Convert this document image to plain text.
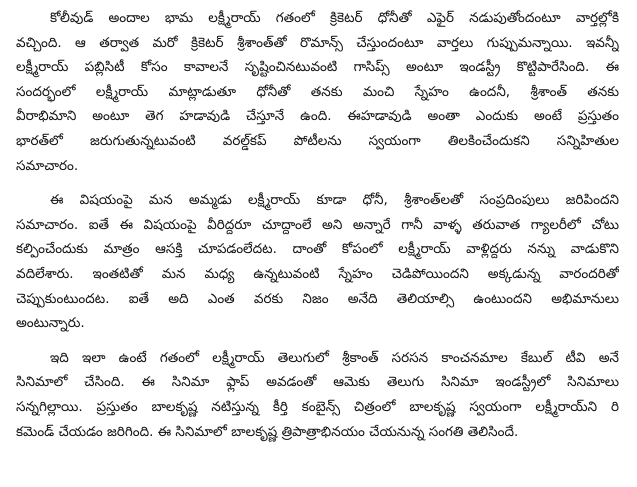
కోలీవుడ్ అందాల భామ లక్ష్మీరాయ్ గతంలో క్రికెటర్ ధోనీతో ఎఫైర్ నడుపుతోందంటూ వార్తల్లోకి
వచ్చింది. ఆ తర్వాత మరో క్రికెటర్ శ్రీశాంత్‌తో రొమాన్స్ చేస్తుందంటూ వార్తలు గుప్పుమన్నాయి. ఇవన్నీ
లక్ష్మీరాయ్ పబ్లిసిటీ కోసం కావాలనే సృష్టించినటువంటి గాసిప్స్ అంటూ ఇండస్ట్రీ కొట్టిపారేసింది. ఈ
సందర్భంలో లక్ష్మీరాయ్ మాట్లాడుతూ ధోనీతో తనకు మంచి స్నేహం ఉందనీ, శ్రీశాంత్ తనకు
వీరాభిమాని అంటూ తెగ హడావుడి చేస్తూనే ఉంది. ఈహడావుడి అంతా ఎందుకు అంటే ప్రస్తుతం
భారత్‌లో జరుగుతున్నటువంటి వరల్డ్‌కప్ పోటీలను స్వయంగా తిలకించేందుకని సన్నిహితుల
సమాచారం.
ఈ విషయంపై మన అమ్మడు లక్ష్మీరాయ్ కూడా ధోనీ, శ్రీశాంత్‌లతో సంప్రదింపులు జరిపిందని
సమాచారం. ఐతే ఈ విషయంపై వీరిద్దరూ చూద్దాంలే అని అన్నారే గానీ వాళ్ళ తరువాత గ్యాలరీలో చోటు
కల్పించేందుకు మాత్రం ఆసక్తి చూపడంలేదట. దాంతో కోపంలో లక్ష్మీరాయ్ వాళ్లిద్దరు నన్ను వాడుకొని
వదిలేశారు. ఇంతటితో మన మధ్య ఉన్నటువంటి స్నేహం చెడిపోయిందని అక్కడున్న వారందరితో
చెప్పుకుంటుందట. ఐతే అది ఎంత వరకు నిజం అనేది తెలియాల్సి ఉంటుందని అభిమానులు
అంటున్నారు.
ఇది ఇలా ఉంటే గతంలో లక్ష్మీరాయ్ తెలుగులో శ్రీకాంత్ సరసన కాంచనమాల కేబుల్ టీవి అనే
సినిమాలో చేసింది. ఈ సినిమా ఫ్లాప్ అవడంతో ఆమెకు తెలుగు సినిమా ఇండస్ట్రీలో సినిమాలు
సన్నగిల్లాయి. ప్రస్తుతం బాలకృష్ణ నటిస్తున్న కీర్తి కంబైన్స్ చిత్రంలో బాలకృష్ణ స్వయంగా లక్ష్మీరాయ్‌ని రి
కమెండ్ చేయడం జరిగింది. ఈ సినిమాలో బాలకృష్ణ త్రిపాత్రాభినయం చేయనున్న సంగతి తెలిసిందే.
